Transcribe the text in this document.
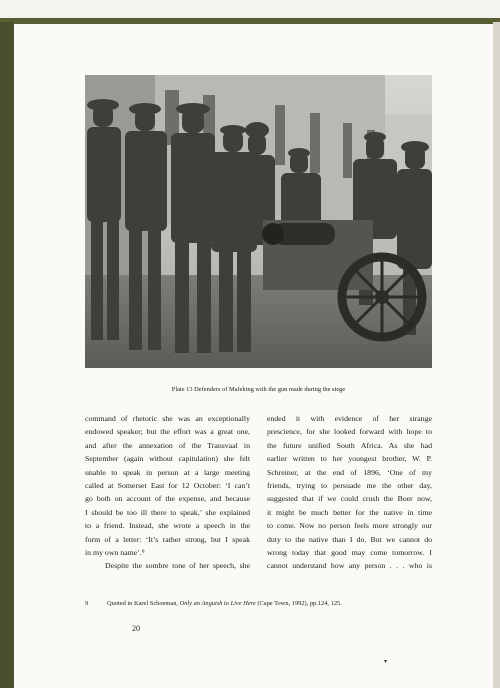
Plate 13 Defenders of Mafeking with the gun made during the siege
command of rhetoric she was an exceptionally
endowed speaker; but the effort was a great one,
and after the annexation of the Transvaal in
September (again without capitulation) she felt
unable to speak in person at a large meeting
called at Somerset East for 12 October: ‘I can’t
go both on account of the expense, and because
I should be too ill there to speak,’ she explained
to a friend. Instead, she wrote a speech in the
form of a letter: ‘It’s rather strong, but I speak
in my own name’.⁹
Despite the sombre tone of her speech, she
ended it with evidence of her strange
prescience, for she looked forward with hope to
the future unified South Africa. As she had
earlier written to her youngest brother, W. P.
Schreiner, at the end of 1896, ‘One of my
friends, trying to persuade me the other day,
suggested that if we could crush the Boer now,
it might be much better for the native in time
to come. Now no person feels more strongly our
duty to the native than I do. But we cannot do
wrong today that good may come tomorrow. I
cannot understand how any person . . . who is
9	Quoted in Karel Schoeman, Only an Anguish to Live Here (Cape Town, 1992), pp.124, 125.
20
▾
